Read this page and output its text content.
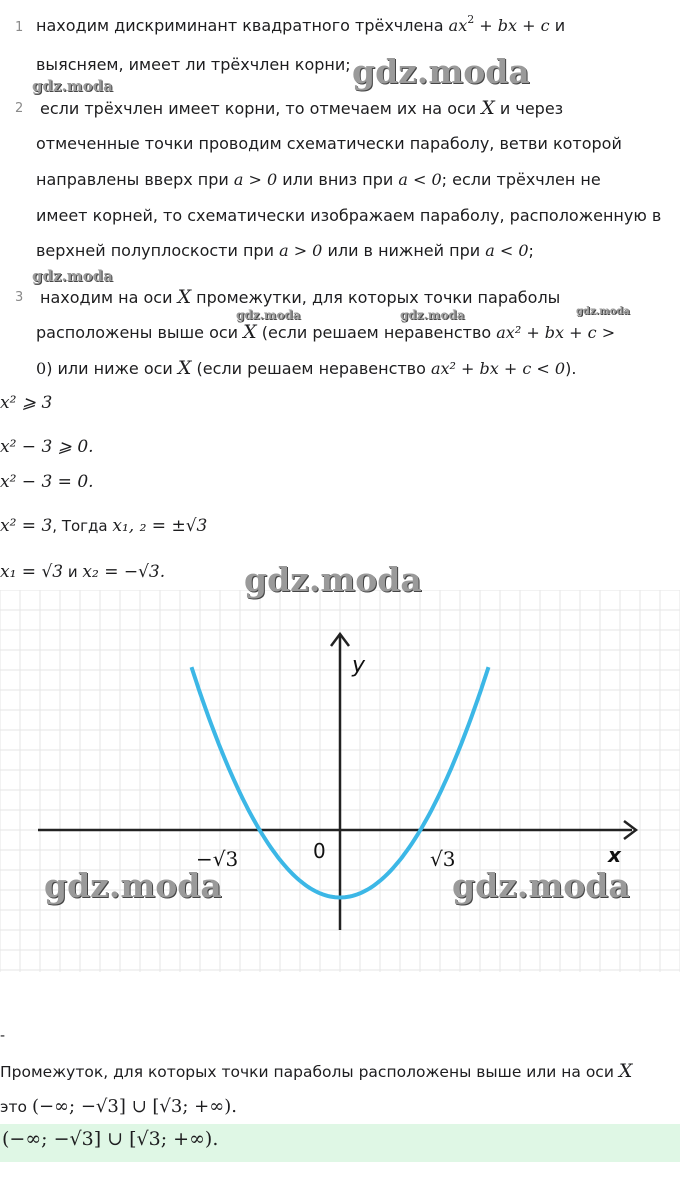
1 находим дискриминант квадратного трёхчлена $ax^2$ + bx + c и
выясняем, имеет ли трёхчлен корни;
2 если трёхчлен имеет корни, то отмечаем их на оси X и через
отмеченные точки проводим схематически параболу, ветви которой
направлены вверх при a > 0 или вниз при a < 0; если трёхчлен не
имеет корней, то схематически изображаем параболу, расположенную в
верхней полуплоскости при a > 0 или в нижней при a < 0;
3 находим на оси X промежутки, для которых точки параболы
расположены выше оси X (если решаем неравенство ax² + bx + c >
0) или ниже оси X (если решаем неравенство ax² + bx + c < 0).
x² ⩾ 3
x² − 3 ⩾ 0.
x² − 3 = 0.
x² = 3, Тогда x₁, ₂ = ±√3
x₁ = √3 и x₂ = −√3.
y
x
0
−√3	√3
-
Промежуток, для которых точки параболы расположены выше или на оси X
это (−∞; −√3] ∪ [√3; +∞).
(−∞; −√3] ∪ [√3; +∞).
gdz.moda
gdz.moda
gdz.moda
gdz.moda	gdz.moda	gdz.moda
gdz.moda
gdz.moda	gdz.moda
